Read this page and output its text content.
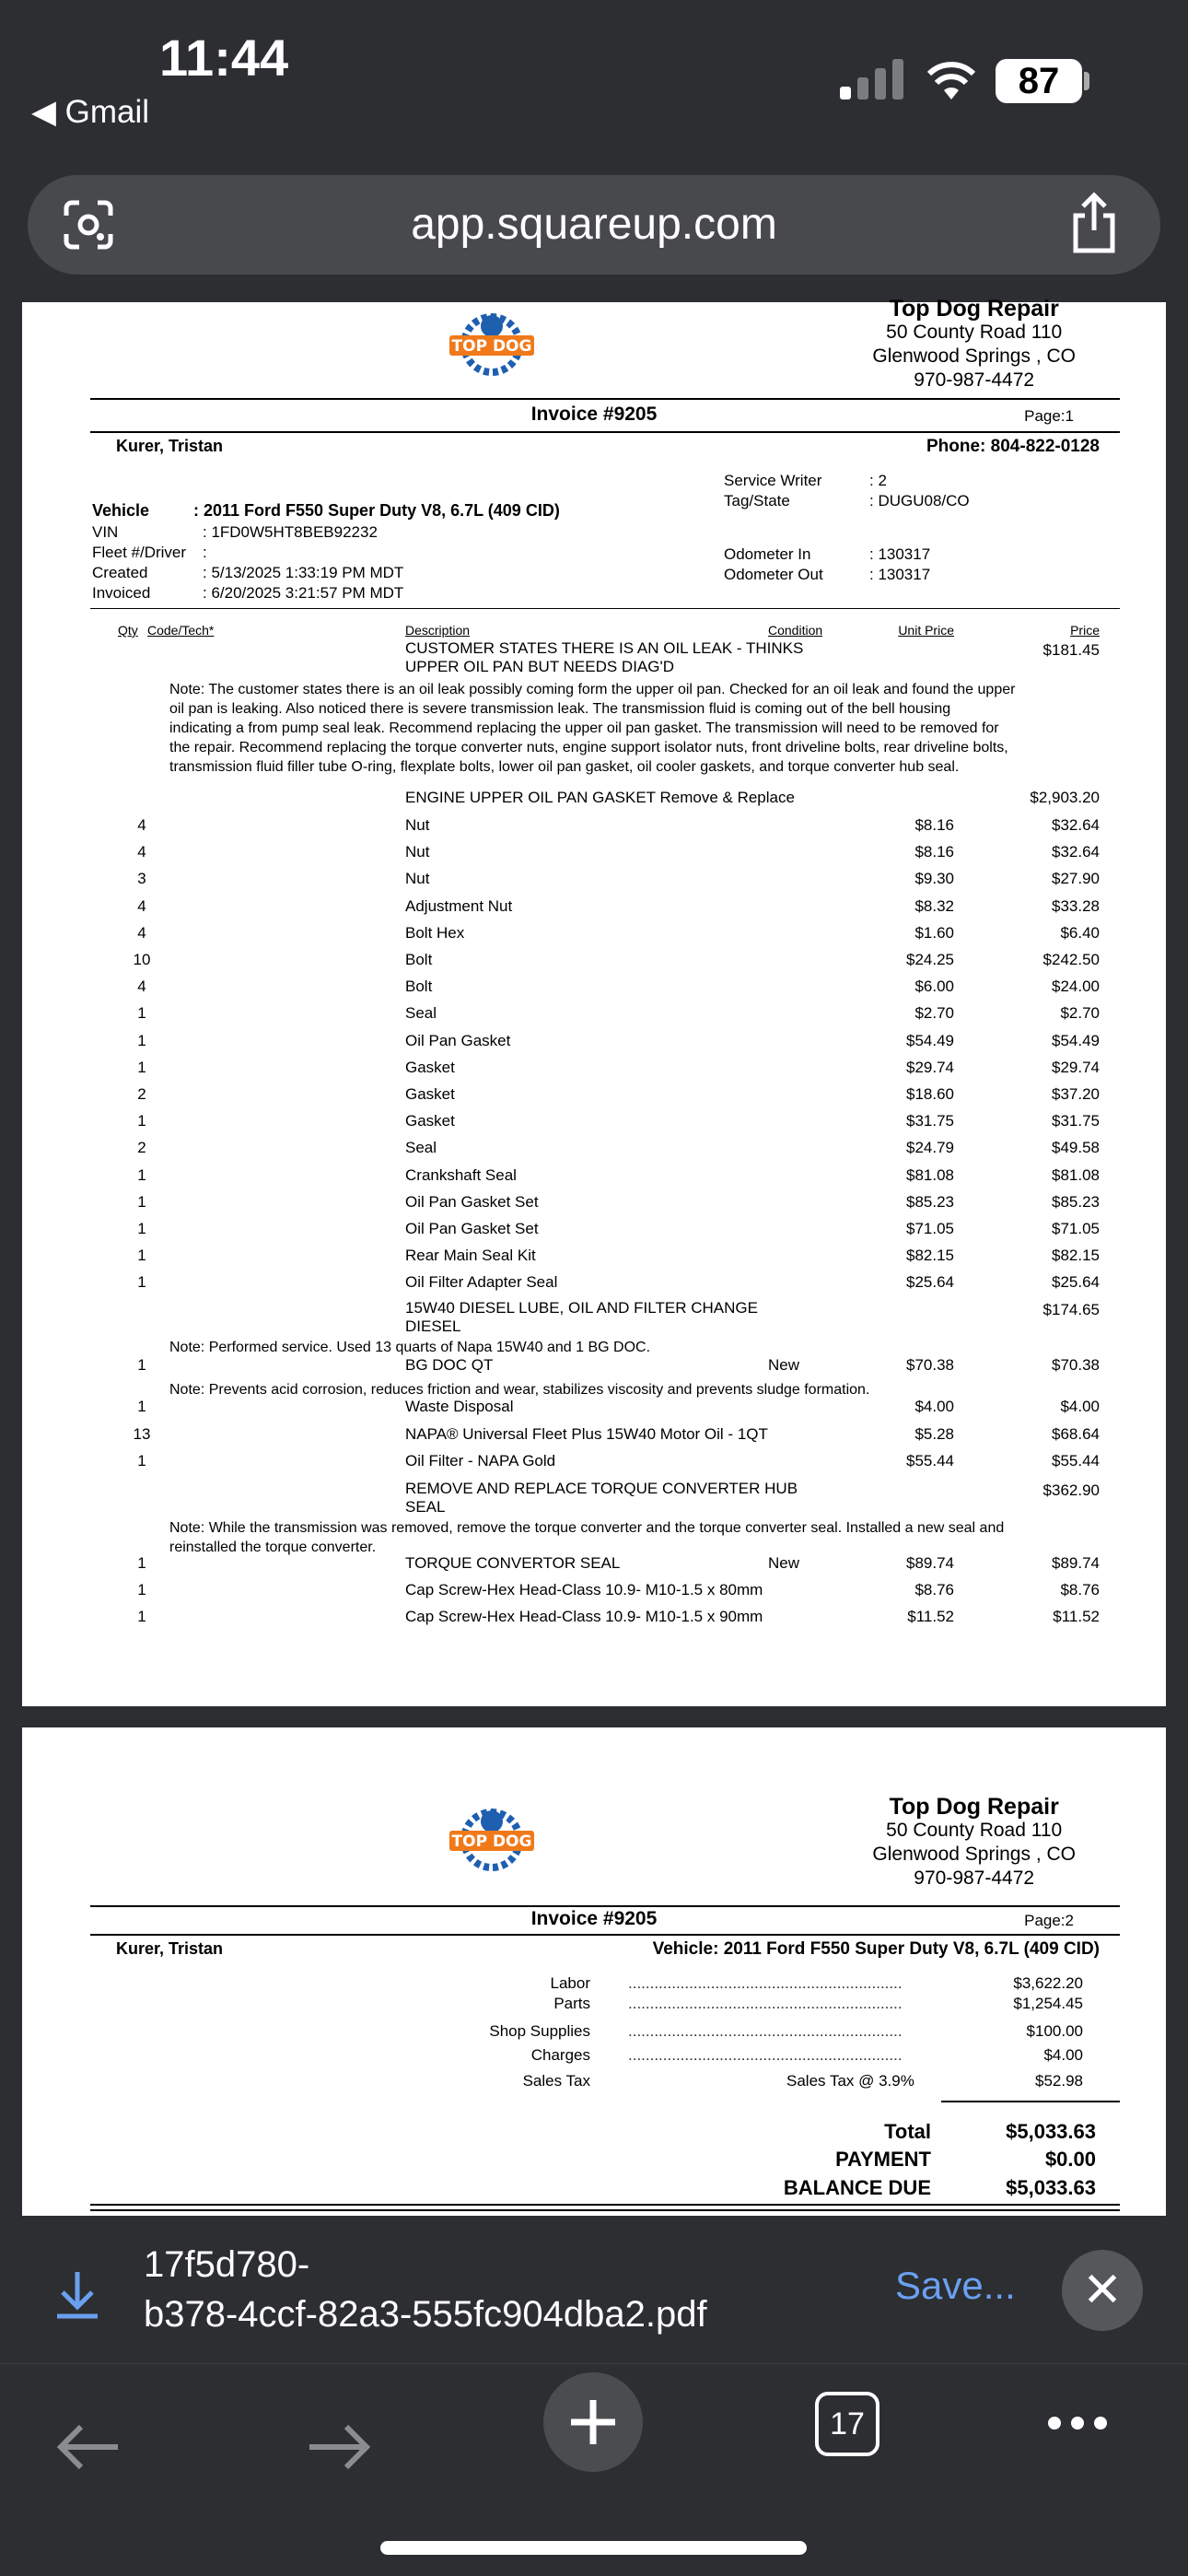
11:44
◀ Gmail
87
app.squareup.com
TOP DOG
Top Dog Repair
50 County Road 110
Glenwood Springs , CO
970-987-4472
Invoice #9205	Page:1
Kurer, Tristan	Phone: 804-822-0128
Service Writer	: 2
Tag/State	: DUGU08/CO
Vehicle	: 2011 Ford F550 Super Duty V8, 6.7L (409 CID)
VIN	: 1FD0W5HT8BEB92232
Fleet #/Driver :
Created	: 5/13/2025 1:33:19 PM MDT
Invoiced	: 6/20/2025 3:21:57 PM MDT
Odometer In	: 130317
Odometer Out	: 130317
Qty Code/Tech*	Description	Condition	Unit Price	Price
CUSTOMER STATES THERE IS AN OIL LEAK - THINKS
UPPER OIL PAN BUT NEEDS DIAG'D
$181.45
Note: The customer states there is an oil leak possibly coming form the upper oil pan. Checked for an oil leak and found the upper oil pan is leaking. Also noticed there is severe transmission leak. The transmission fluid is coming out of the bell housing indicating a from pump seal leak. Recommend replacing the upper oil pan gasket. The transmission will need to be removed for the repair. Recommend replacing the torque converter nuts, engine support isolator nuts, front driveline bolts, rear driveline bolts, transmission fluid filler tube O-ring, flexplate bolts, lower oil pan gasket, oil cooler gaskets, and torque converter hub seal.
ENGINE UPPER OIL PAN GASKET Remove & Replace	$2,903.20
4	Nut	$8.16	$32.64
4	Nut	$8.16	$32.64
3	Nut	$9.30	$27.90
4	Adjustment Nut	$8.32	$33.28
4	Bolt Hex	$1.60	$6.40
10	Bolt	$24.25	$242.50
4	Bolt	$6.00	$24.00
1	Seal	$2.70	$2.70
1	Oil Pan Gasket	$54.49	$54.49
1	Gasket	$29.74	$29.74
2	Gasket	$18.60	$37.20
1	Gasket	$31.75	$31.75
2	Seal	$24.79	$49.58
1	Crankshaft Seal	$81.08	$81.08
1	Oil Pan Gasket Set	$85.23	$85.23
1	Oil Pan Gasket Set	$71.05	$71.05
1	Rear Main Seal Kit	$82.15	$82.15
1	Oil Filter Adapter Seal	$25.64	$25.64
15W40 DIESEL LUBE, OIL AND FILTER CHANGE
DIESEL
$174.65
Note: Performed service. Used 13 quarts of Napa 15W40 and 1 BG DOC.
1	BG DOC QT	New	$70.38	$70.38
Note: Prevents acid corrosion, reduces friction and wear, stabilizes viscosity and prevents sludge formation.
1	Waste Disposal	$4.00	$4.00
13	NAPA® Universal Fleet Plus 15W40 Motor Oil - 1QT	$5.28	$68.64
1	Oil Filter - NAPA Gold	$55.44	$55.44
REMOVE AND REPLACE TORQUE CONVERTER HUB
SEAL
$362.90
Note: While the transmission was removed, remove the torque converter and the torque converter seal. Installed a new seal and reinstalled the torque converter.
1	TORQUE CONVERTOR SEAL	New	$89.74	$89.74
1	Cap Screw-Hex Head-Class 10.9- M10-1.5 x 80mm	$8.76	$8.76
1	Cap Screw-Hex Head-Class 10.9- M10-1.5 x 90mm	$11.52	$11.52
TOP DOG
Top Dog Repair
50 County Road 110
Glenwood Springs , CO
970-987-4472
Invoice #9205	Page:2
Kurer, Tristan	Vehicle: 2011 Ford F550 Super Duty V8, 6.7L (409 CID)
Labor ...............................................................	$3,622.20
Parts ...............................................................	$1,254.45
Shop Supplies ...............................................................	$100.00
Charges ...............................................................	$4.00
Sales Tax	Sales Tax @ 3.9%	$52.98
Total	$5,033.63
PAYMENT	$0.00
BALANCE DUE	$5,033.63
17f5d780-
b378-4ccf-82a3-555fc904dba2.pdf
Save...	✕
17
